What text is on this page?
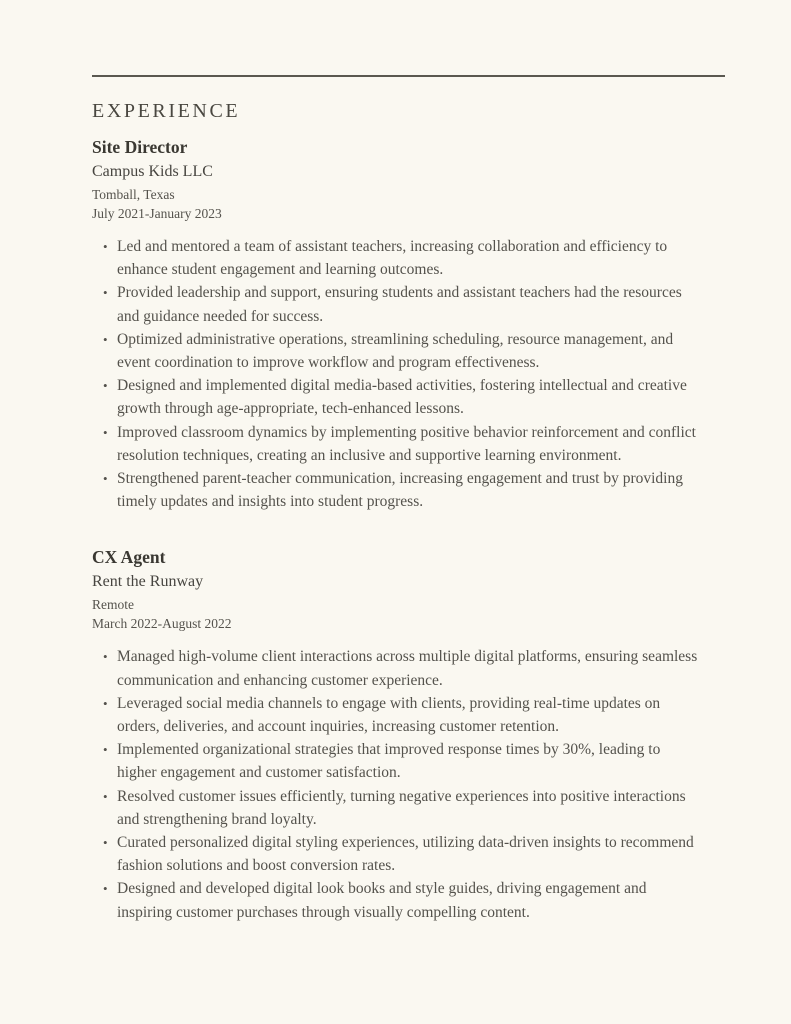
EXPERIENCE
Site Director
Campus Kids LLC
Tomball, Texas
July 2021-January 2023
• Led and mentored a team of assistant teachers, increasing collaboration and efficiency to enhance student engagement and learning outcomes.
• Provided leadership and support, ensuring students and assistant teachers had the resources and guidance needed for success.
• Optimized administrative operations, streamlining scheduling, resource management, and event coordination to improve workflow and program effectiveness.
• Designed and implemented digital media-based activities, fostering intellectual and creative growth through age-appropriate, tech-enhanced lessons.
• Improved classroom dynamics by implementing positive behavior reinforcement and conflict resolution techniques, creating an inclusive and supportive learning environment.
• Strengthened parent-teacher communication, increasing engagement and trust by providing timely updates and insights into student progress.
CX Agent
Rent the Runway
Remote
March 2022-August 2022
• Managed high-volume client interactions across multiple digital platforms, ensuring seamless communication and enhancing customer experience.
• Leveraged social media channels to engage with clients, providing real-time updates on orders, deliveries, and account inquiries, increasing customer retention.
• Implemented organizational strategies that improved response times by 30%, leading to higher engagement and customer satisfaction.
• Resolved customer issues efficiently, turning negative experiences into positive interactions and strengthening brand loyalty.
• Curated personalized digital styling experiences, utilizing data-driven insights to recommend fashion solutions and boost conversion rates.
• Designed and developed digital look books and style guides, driving engagement and inspiring customer purchases through visually compelling content.
